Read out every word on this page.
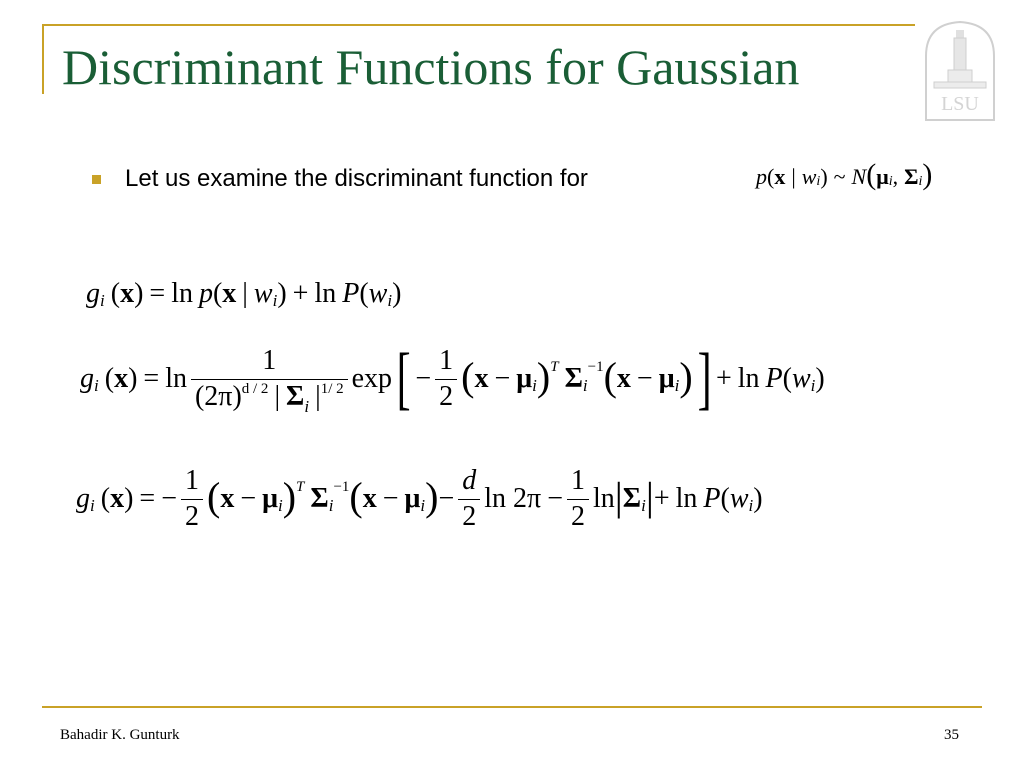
Discriminant Functions for Gaussian
LSU
Let us examine the discriminant function for	p ( x | w i ) ~ N ( μ i , Σ i )
g i ( x ) = ln p ( x | w i ) + ln P ( w i )
g i ( x ) = $\ln \frac{1}{(2\pi)^{d / 2} | \Sigma_i |^{1/ 2}}$ exp [ − $\frac{1}{2}$ ( x − μ i ) T Σ i
−1 ( x − μ i ) ] + ln P ( w i )
g i ( x ) = − $\frac{1}{2}$ ( x − μ i ) T Σ i
−1 ( x − μ i ) − $\frac{d}{2}$ $\ln 2\pi - \frac{1}{2}$ ln | Σ i | + ln P ( w i )
Bahadir K. Gunturk	35
